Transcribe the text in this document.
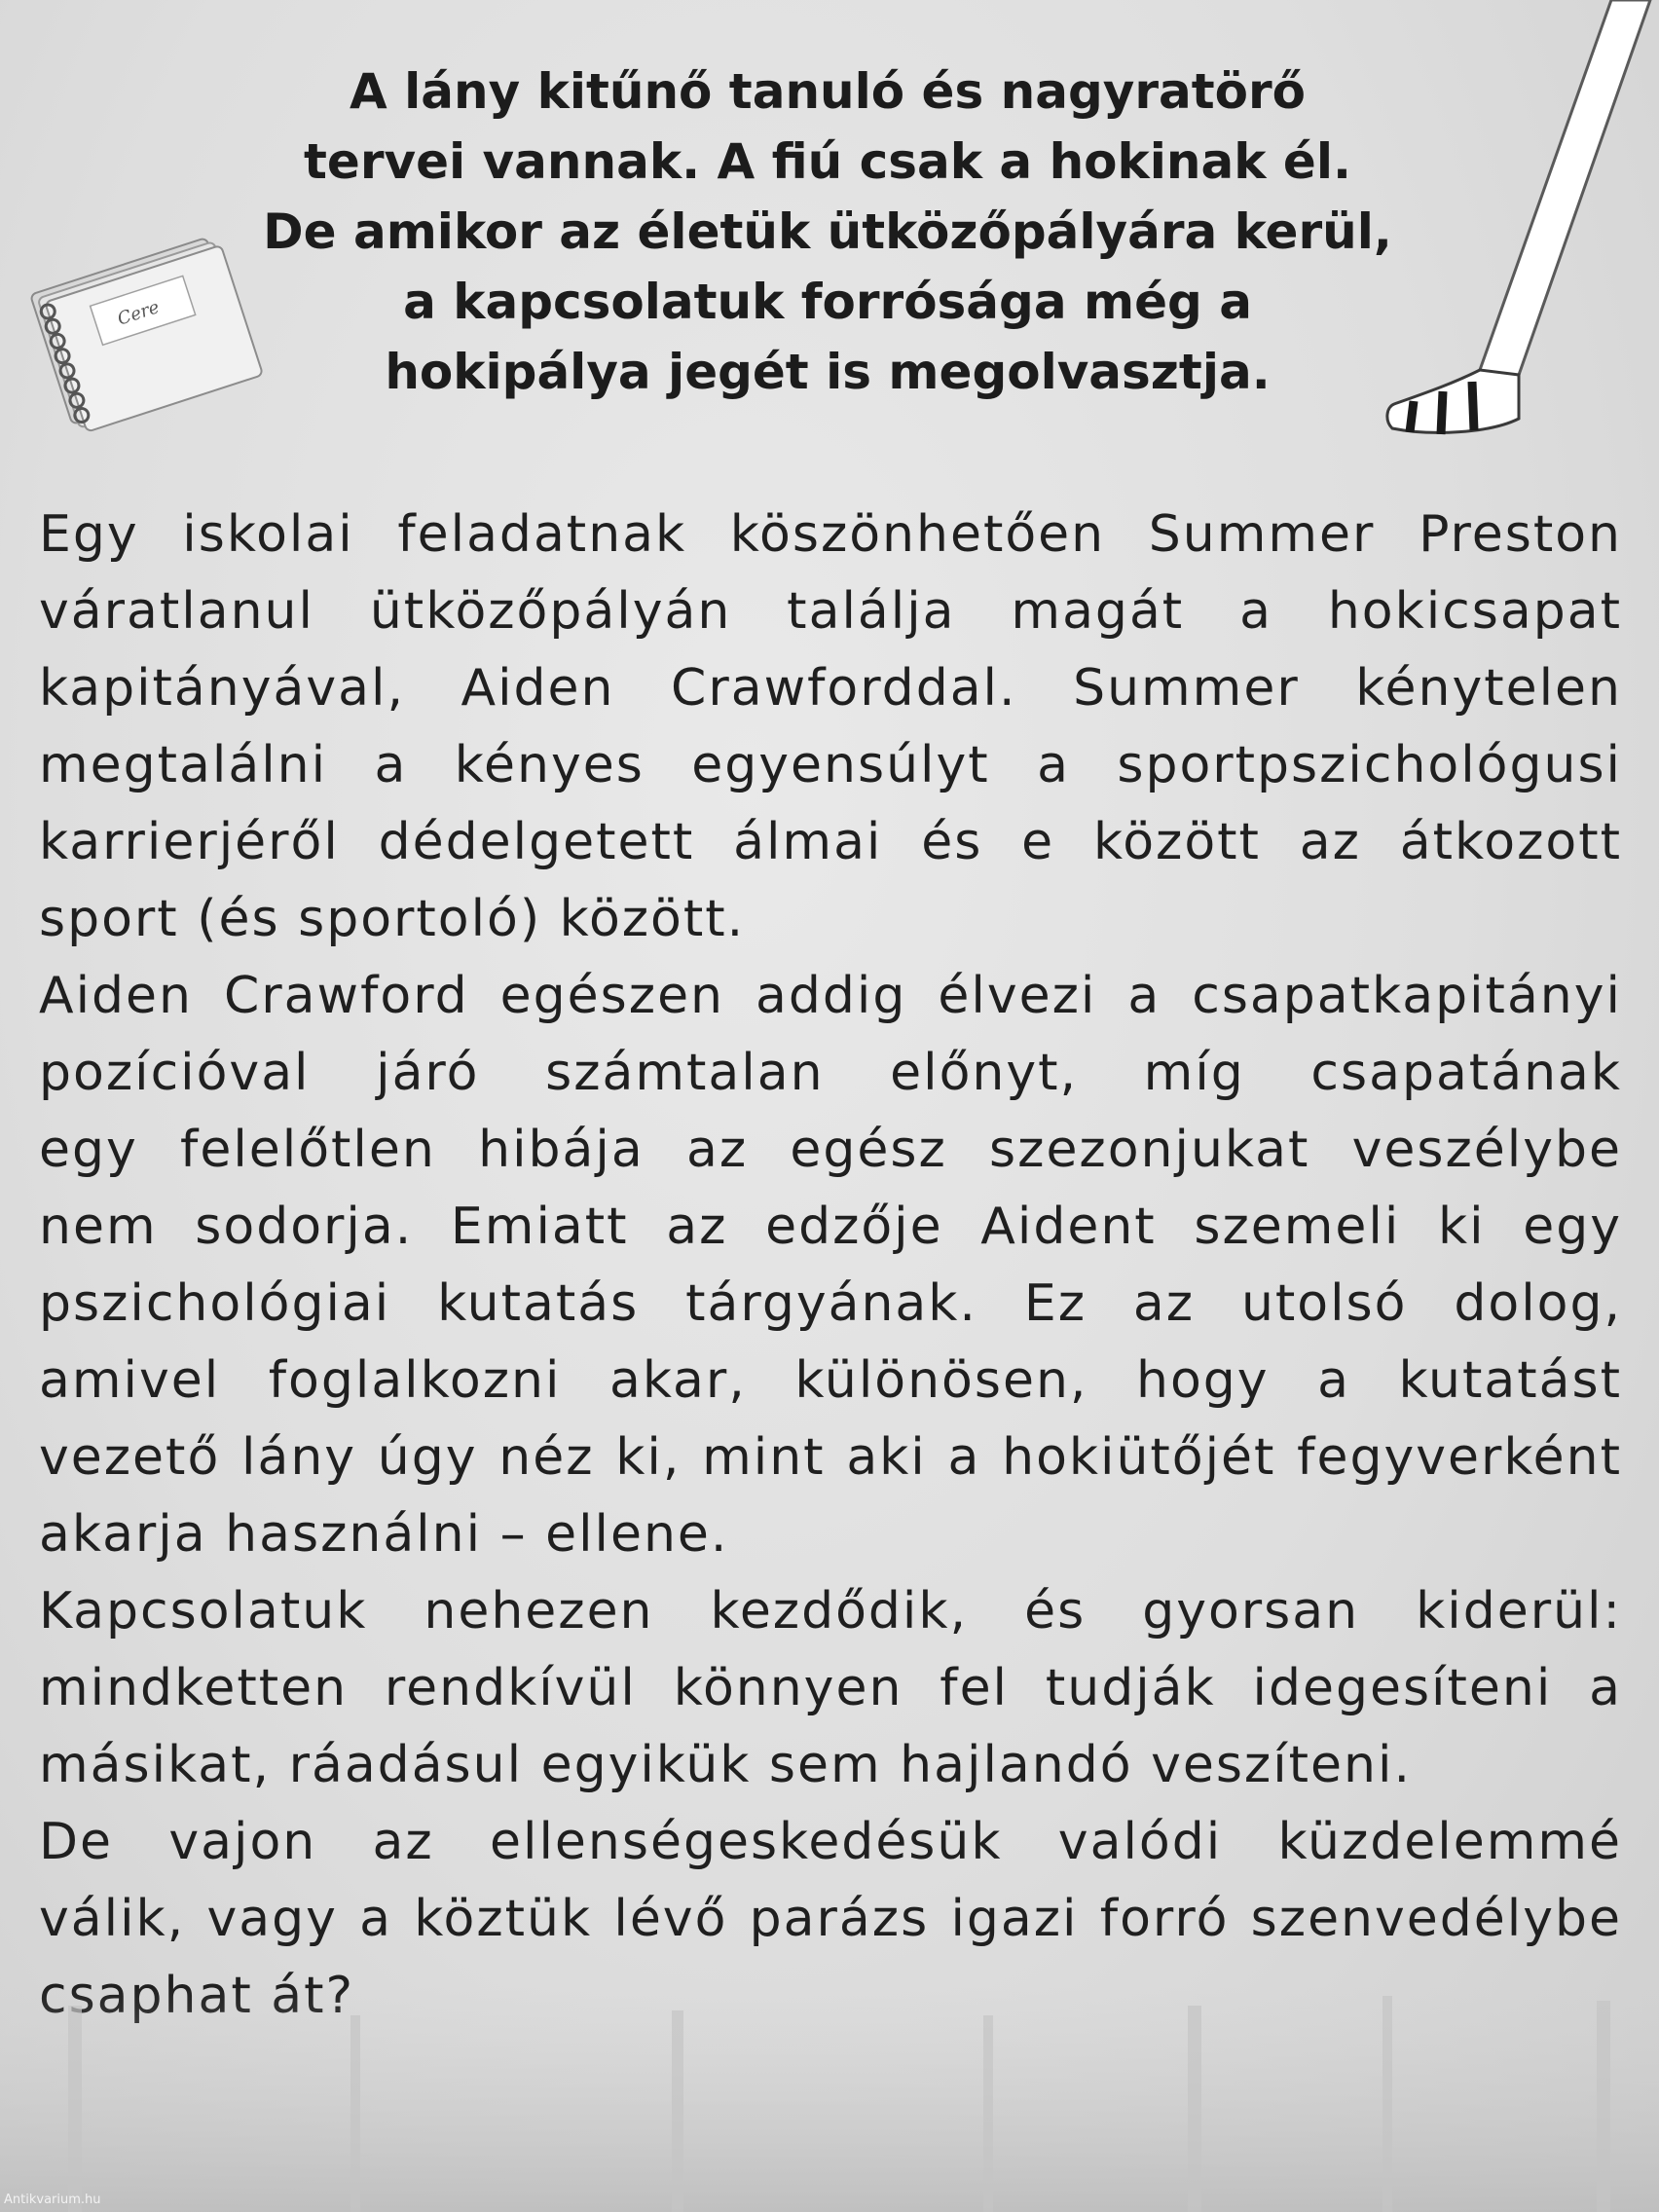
Cere
A lány kitűnő tanuló és nagyratörő
tervei vannak. A fiú csak a hokinak él.
De amikor az életük ütközőpályára kerül,
a kapcsolatuk forrósága még a
hokipálya jegét is megolvasztja.
Egy iskolai feladatnak köszönhetően Summer Preston
váratlanul ütközőpályán találja magát a hokicsapat
kapitányával, Aiden Crawforddal. Summer kénytelen
megtalálni a kényes egyensúlyt a sportpszichológusi
karrierjéről dédelgetett álmai és e között az átkozott
sport (és sportoló) között.
Aiden Crawford egészen addig élvezi a csapatkapitányi
pozícióval járó számtalan előnyt, míg csapatának
egy felelőtlen hibája az egész szezonjukat veszélybe
nem sodorja. Emiatt az edzője Aident szemeli ki egy
pszichológiai kutatás tárgyának. Ez az utolsó dolog,
amivel foglalkozni akar, különösen, hogy a kutatást
vezető lány úgy néz ki, mint aki a hokiütőjét fegyverként
akarja használni – ellene.
Kapcsolatuk nehezen kezdődik, és gyorsan kiderül:
mindketten rendkívül könnyen fel tudják idegesíteni a
másikat, ráadásul egyikük sem hajlandó veszíteni.
De vajon az ellenségeskedésük valódi küzdelemmé
válik, vagy a köztük lévő parázs igazi forró szenvedélybe
Antikvarium.hu
